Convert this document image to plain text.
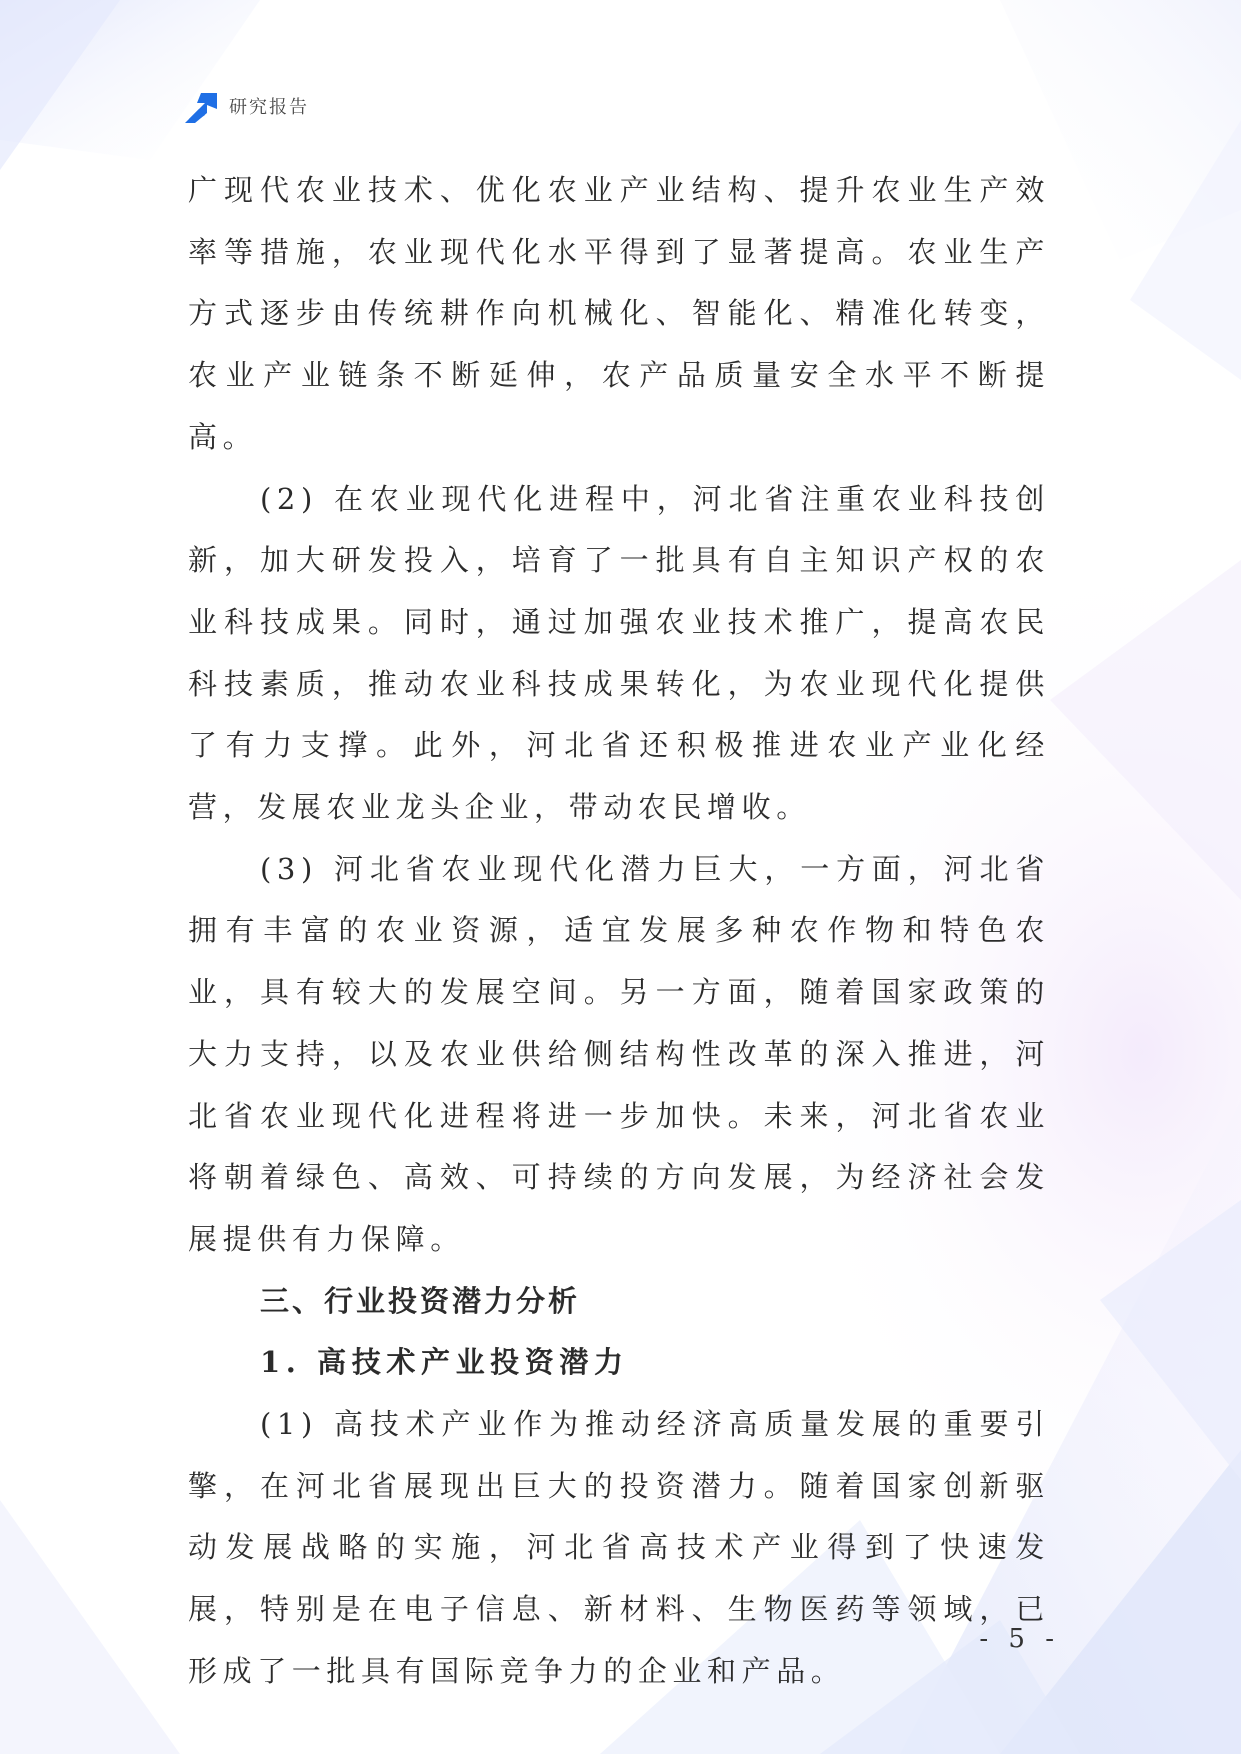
研究报告

广现代农业技术、优化农业产业结构、提升农业生产效率等措施，农业现代化水平得到了显著提高。农业生产方式逐步由传统耕作向机械化、智能化、精准化转变，农业产业链条不断延伸，农产品质量安全水平不断提高。

(2) 在农业现代化进程中，河北省注重农业科技创新，加大研发投入，培育了一批具有自主知识产权的农业科技成果。同时，通过加强农业技术推广，提高农民科技素质，推动农业科技成果转化，为农业现代化提供了有力支撑。此外，河北省还积极推进农业产业化经营，发展农业龙头企业，带动农民增收。

(3) 河北省农业现代化潜力巨大，一方面，河北省拥有丰富的农业资源，适宜发展多种农作物和特色农业，具有较大的发展空间。另一方面，随着国家政策的大力支持，以及农业供给侧结构性改革的深入推进，河北省农业现代化进程将进一步加快。未来，河北省农业将朝着绿色、高效、可持续的方向发展，为经济社会发展提供有力保障。

三、行业投资潜力分析
1. 高技术产业投资潜力

(1) 高技术产业作为推动经济高质量发展的重要引擎，在河北省展现出巨大的投资潜力。随着国家创新驱动发展战略的实施，河北省高技术产业得到了快速发展，特别是在电子信息、新材料、生物医药等领域，已形成了一批具有国际竞争力的企业和产品。

- 5 -
